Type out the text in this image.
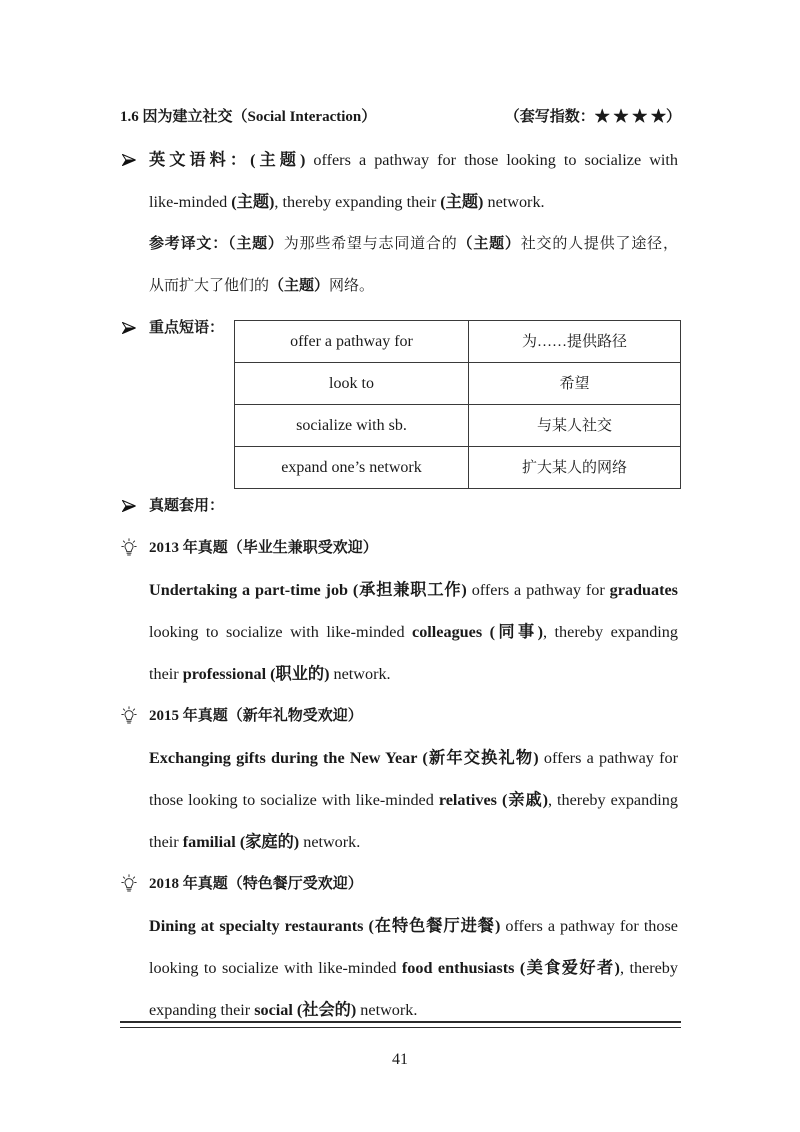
1.6 因为建立社交（Social Interaction）	（套写指数：★ ★ ★ ★）
英文语料：(主题) offers a pathway for those looking to socialize with
like-minded (主题), thereby expanding their (主题) network.
参考译文：（主题）为那些希望与志同道合的（主题）社交的人提供了途径，
从而扩大了他们的（主题）网络。
重点短语：
offer a pathway for	为……提供路径
look to	希望
socialize with sb.	与某人社交
expand one’s network	扩大某人的网络
真题套用：
2013 年真题（毕业生兼职受欢迎）
Undertaking a part-time job (承担兼职工作) offers a pathway for graduates
looking to socialize with like-minded colleagues (同事), thereby expanding
their professional (职业的) network.
2015 年真题（新年礼物受欢迎）
Exchanging gifts during the New Year (新年交换礼物) offers a pathway for
those looking to socialize with like-minded relatives (亲戚), thereby expanding
their familial (家庭的) network.
2018 年真题（特色餐厅受欢迎）
Dining at specialty restaurants (在特色餐厅进餐) offers a pathway for those
looking to socialize with like-minded food enthusiasts (美食爱好者), thereby
expanding their social (社会的) network.
41
